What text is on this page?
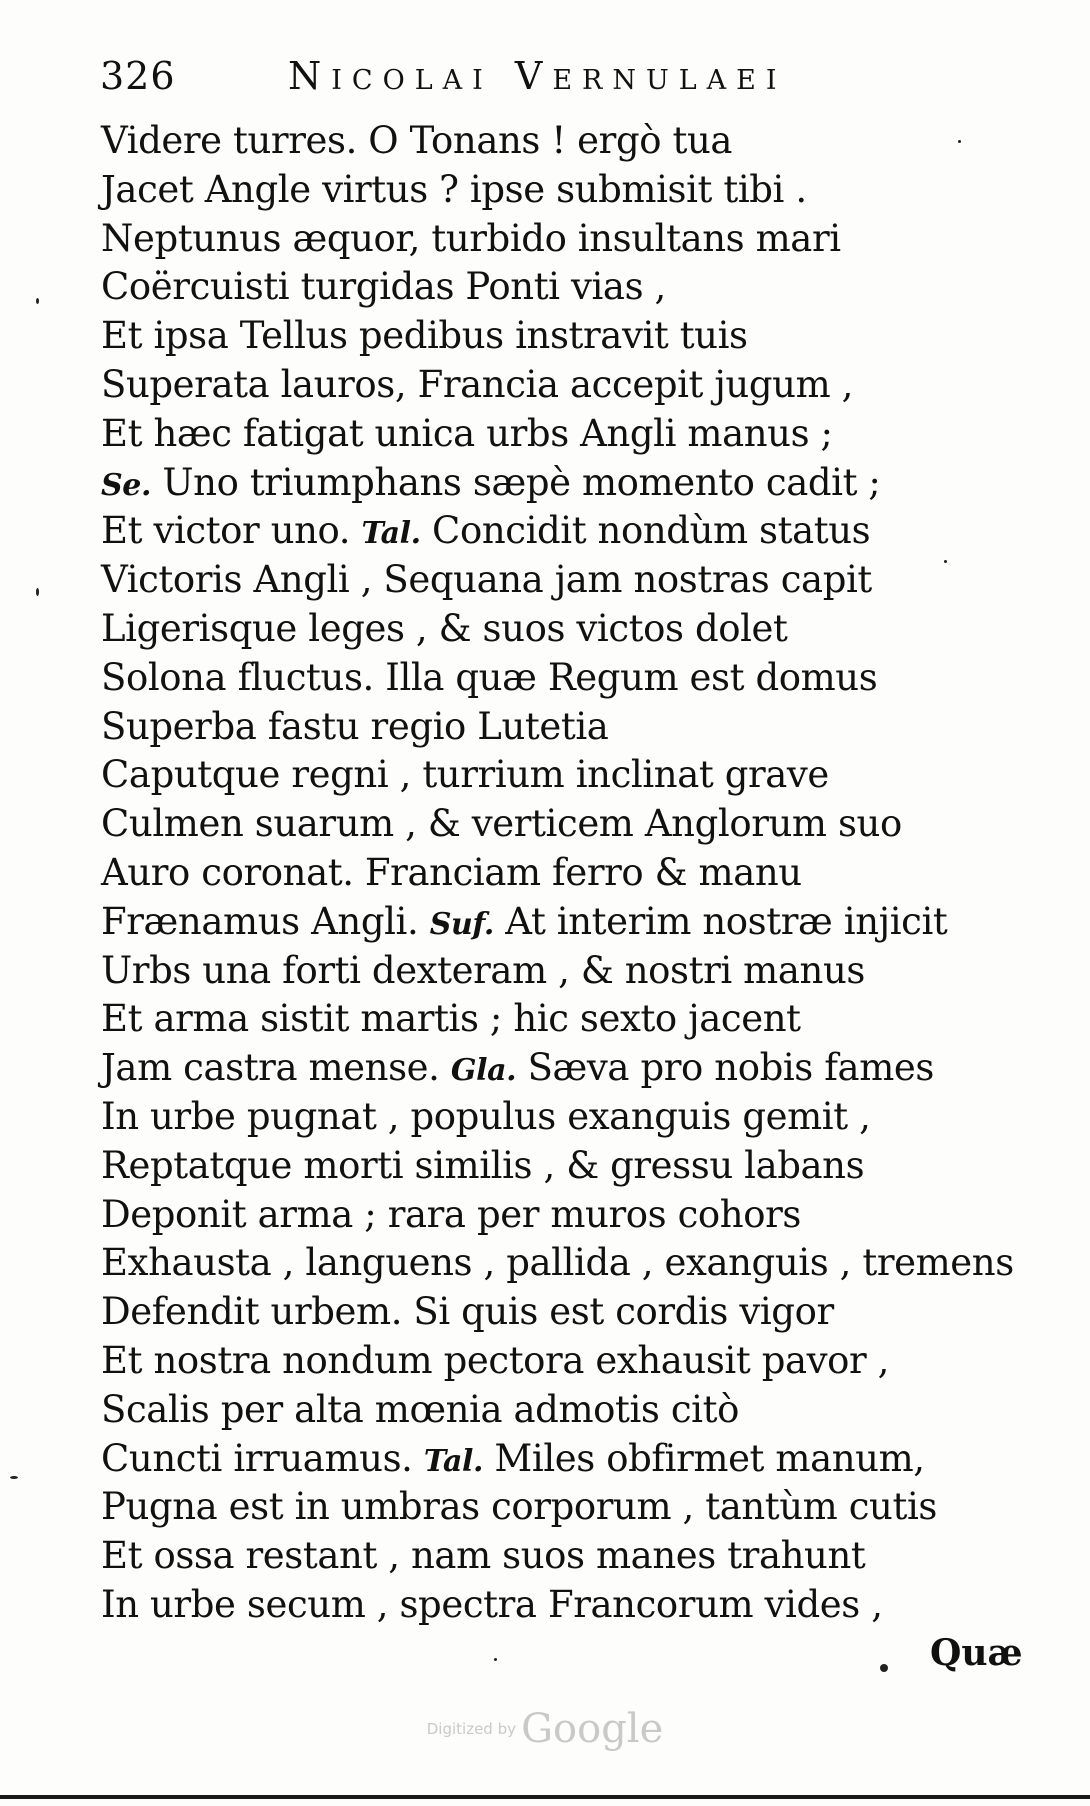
326	Nicolai Vernulaei
Videre turres. O Tonans ! ergò tua
Jacet Angle virtus ? ipse submisit tibi .
Neptunus æquor, turbido insultans mari
Coërcuisti turgidas Ponti vias ,
Et ipsa Tellus pedibus instravit tuis
Superata lauros, Francia accepit jugum ,
Et hæc fatigat unica urbs Angli manus ;
Se. Uno triumphans sæpè momento cadit ;
Et victor uno. Tal. Concidit nondùm status
Victoris Angli , Sequana jam nostras capit
Ligerisque leges , & suos victos dolet
Solona fluctus. Illa quæ Regum est domus
Superba fastu regio Lutetia
Caputque regni , turrium inclinat grave
Culmen suarum , & verticem Anglorum suo
Auro coronat. Franciam ferro & manu
Frænamus Angli. Suf. At interim nostræ injicit
Urbs una forti dexteram , & nostri manus
Et arma sistit martis ; hic sexto jacent
Jam castra mense. Gla. Sæva pro nobis fames
In urbe pugnat , populus exanguis gemit ,
Reptatque morti similis , & gressu labans
Deponit arma ; rara per muros cohors
Exhausta , languens , pallida , exanguis , tremens
Defendit urbem. Si quis est cordis vigor
Et nostra nondum pectora exhausit pavor ,
Scalis per alta mœnia admotis citò
Cuncti irruamus. Tal. Miles obfirmet manum,
Pugna est in umbras corporum , tantùm cutis
Et ossa restant , nam suos manes trahunt
In urbe secum , spectra Francorum vides ,
Quæ
Digitized by Google
